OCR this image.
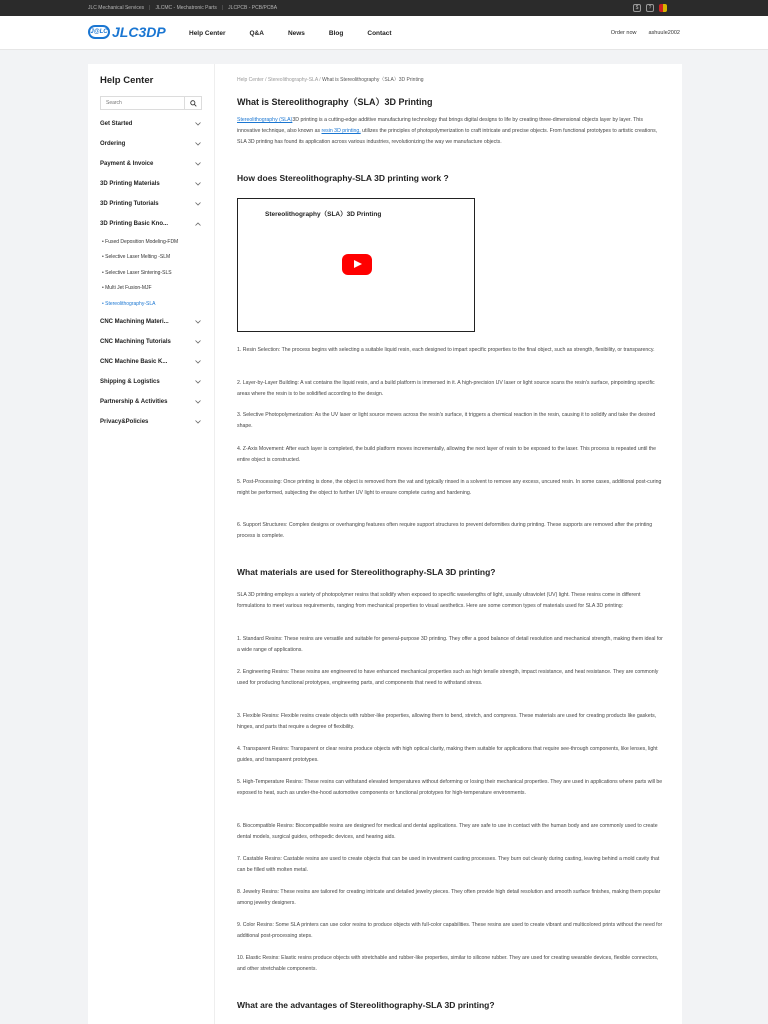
JLC Mechanical Services | JLCMC - Mechatronic Parts | JLCPCB - PCB/PCBA	$	?
J@LC JLC3DP	Help Center	Q&A	News	Blog	Contact	Order now ashuule2002
Help Center
Search
Get Started
Ordering
Payment & Invoice
3D Printing Materials
3D Printing Tutorials
3D Printing Basic Kno...
• Fused Deposition Modeling-FDM
• Selective Laser Melting -SLM
• Selective Laser Sintering-SLS
• Multi Jet Fusion-MJF
• Stereolithography-SLA
CNC Machining Materi...
CNC Machining Tutorials
CNC Machine Basic K...
Shipping & Logistics
Partnership & Activities
Privacy&Policies
Help Center / Stereolithography-SLA / What is Stereolithography（SLA）3D Printing
What is Stereolithography（SLA）3D Printing
Stereolithography (SLA)3D printing is a cutting-edge additive manufacturing technology that brings digital designs to life by creating three-dimensional objects layer by layer. This innovative technique, also known as resin 3D printing, utilizes the principles of photopolymerization to craft intricate and precise objects. From functional prototypes to artistic creations, SLA 3D printing has found its application across various industries, revolutionizing the way we manufacture objects.
How does Stereolithography-SLA 3D printing work ?
Stereolithography（SLA）3D Printing
1. Resin Selection: The process begins with selecting a suitable liquid resin, each designed to impart specific properties to the final object, such as strength, flexibility, or transparency.
2. Layer-by-Layer Building: A vat contains the liquid resin, and a build platform is immersed in it. A high-precision UV laser or light source scans the resin's surface, pinpointing specific areas where the resin is to be solidified according to the design.
3. Selective Photopolymerization: As the UV laser or light source moves across the resin's surface, it triggers a chemical reaction in the resin, causing it to solidify and take the desired shape.
4. Z-Axis Movement: After each layer is completed, the build platform moves incrementally, allowing the next layer of resin to be exposed to the laser. This process is repeated until the entire object is constructed.
5. Post-Processing: Once printing is done, the object is removed from the vat and typically rinsed in a solvent to remove any excess, uncured resin. In some cases, additional post-curing might be performed, subjecting the object to further UV light to ensure complete curing and hardening.
6. Support Structures: Complex designs or overhanging features often require support structures to prevent deformities during printing. These supports are removed after the printing process is complete.
What materials are used for Stereolithography-SLA 3D printing?
SLA 3D printing employs a variety of photopolymer resins that solidify when exposed to specific wavelengths of light, usually ultraviolet (UV) light. These resins come in different formulations to meet various requirements, ranging from mechanical properties to visual aesthetics. Here are some common types of materials used for SLA 3D printing:
1. Standard Resins: These resins are versatile and suitable for general-purpose 3D printing. They offer a good balance of detail resolution and mechanical strength, making them ideal for a wide range of applications.
2. Engineering Resins: These resins are engineered to have enhanced mechanical properties such as high tensile strength, impact resistance, and heat resistance. They are commonly used for producing functional prototypes, engineering parts, and components that need to withstand stress.
3. Flexible Resins: Flexible resins create objects with rubber-like properties, allowing them to bend, stretch, and compress. These materials are used for creating products like gaskets, hinges, and parts that require a degree of flexibility.
4. Transparent Resins: Transparent or clear resins produce objects with high optical clarity, making them suitable for applications that require see-through components, like lenses, light guides, and transparent prototypes.
5. High-Temperature Resins: These resins can withstand elevated temperatures without deforming or losing their mechanical properties. They are used in applications where parts will be exposed to heat, such as under-the-hood automotive components or functional prototypes for high-temperature environments.
6. Biocompatible Resins: Biocompatible resins are designed for medical and dental applications. They are safe to use in contact with the human body and are commonly used to create dental models, surgical guides, orthopedic devices, and hearing aids.
7. Castable Resins: Castable resins are used to create objects that can be used in investment casting processes. They burn out cleanly during casting, leaving behind a mold cavity that can be filled with molten metal.
8. Jewelry Resins: These resins are tailored for creating intricate and detailed jewelry pieces. They often provide high detail resolution and smooth surface finishes, making them popular among jewelry designers.
9. Color Resins: Some SLA printers can use color resins to produce objects with full-color capabilities. These resins are used to create vibrant and multicolored prints without the need for additional post-processing steps.
10. Elastic Resins: Elastic resins produce objects with stretchable and rubber-like properties, similar to silicone rubber. They are used for creating wearable devices, flexible connectors, and other stretchable components.
What are the advantages of Stereolithography-SLA 3D printing?
